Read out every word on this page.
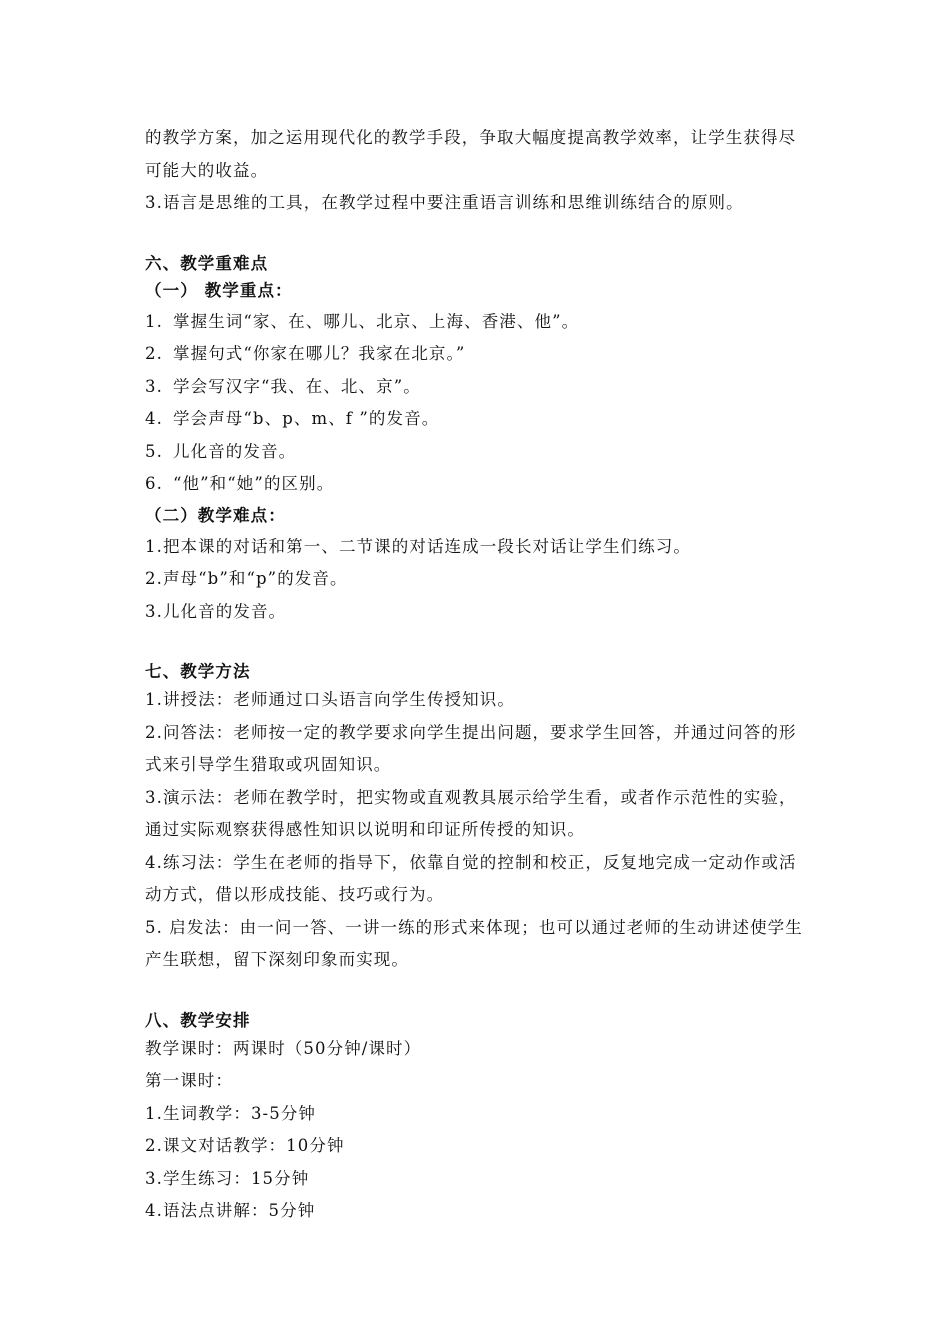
的教学方案，加之运用现代化的教学手段，争取大幅度提高教学效率，让学生获得尽可能大的收益。

3.语言是思维的工具，在教学过程中要注重语言训练和思维训练结合的原则。

六、教学重难点
（一） 教学重点：
1. 掌握生词“家、在、哪儿、北京、上海、香港、他”。
2. 掌握句式“你家在哪儿？我家在北京。”
3. 学会写汉字“我、在、北、京”。
4. 学会声母“b、p、m、f ”的发音。
5. 儿化音的发音。
6. “他”和“她”的区别。
（二）教学难点：

1.把本课的对话和第一、二节课的对话连成一段长对话让学生们练习。

2.声母“b”和“p”的发音。

3.儿化音的发音。

七、教学方法

1.讲授法：老师通过口头语言向学生传授知识。

2.问答法：老师按一定的教学要求向学生提出问题，要求学生回答，并通过问答的形式来引导学生猎取或巩固知识。

3.演示法：老师在教学时，把实物或直观教具展示给学生看，或者作示范性的实验，通过实际观察获得感性知识以说明和印证所传授的知识。

4.练习法：学生在老师的指导下，依靠自觉的控制和校正，反复地完成一定动作或活动方式，借以形成技能、技巧或行为。

5. 启发法：由一问一答、一讲一练的形式来体现；也可以通过老师的生动讲述使学生产生联想，留下深刻印象而实现。

八、教学安排

教学课时：两课时（50分钟/课时）

第一课时：

1.生词教学：3-5分钟

2.课文对话教学：10分钟

3.学生练习：15分钟

4.语法点讲解：5分钟
